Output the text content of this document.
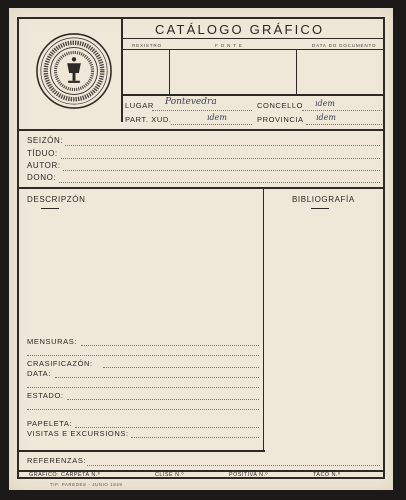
CATÁLOGO GRÁFICO
REXISTRO	F O N T E	DATA DO DOCUMENTO
LUGAR Pontevedra	CONCELLO ıdem
PART. XUD.	ıdem	PROVINCIA ıdem
SEIZÓN:
TÍDUO:
AUTOR:
DONO:
DESCRIPZÓN	BIBLIOGRAFÍA
MENSURAS:
CRASIFICAZÓN:
DATA:
ESTADO:
PAPELETA:
VISITAS E EXCURSIONS:
REFERENZAS:
GRÁFICO: CARPETA N.º	CLISÉ N.º	POSITIVA N.º	TACO N.º
TIP. PAREDES - JUNIO 1929
